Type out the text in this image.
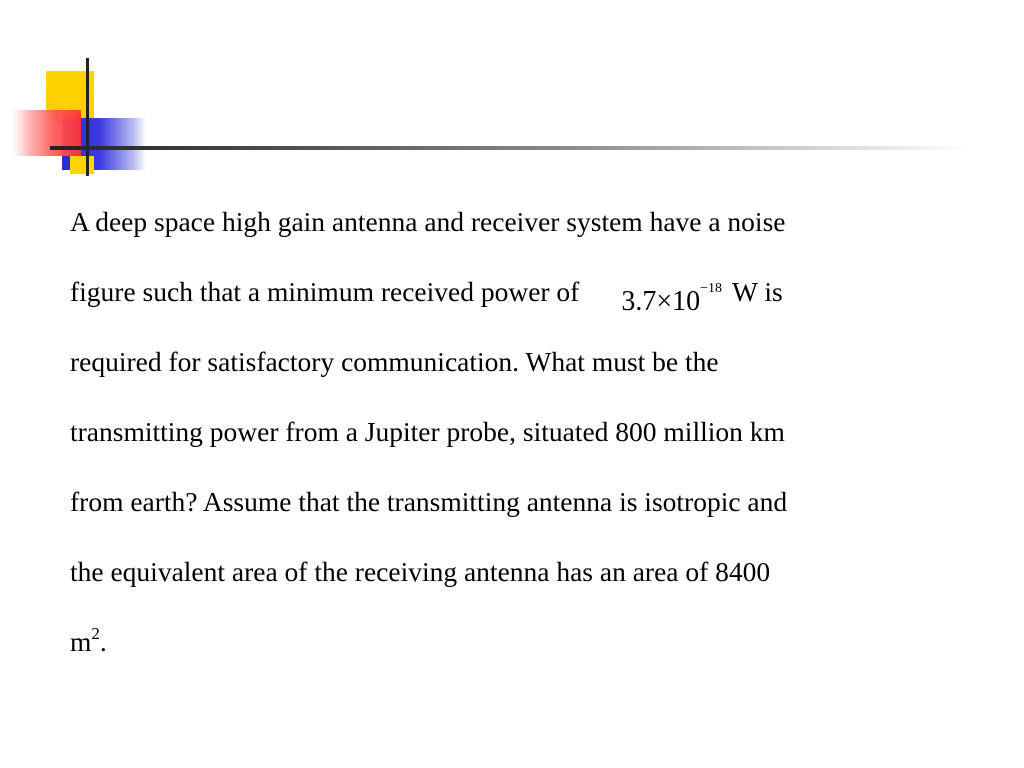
A deep space high gain antenna and receiver system have a noise
figure such that a minimum received power of $3.7\times 10^{-18}$ W is
required for satisfactory communication. What must be the
transmitting power from a Jupiter probe, situated 800 million km
from earth? Assume that the transmitting antenna is isotropic and
the equivalent area of the receiving antenna has an area of 8400
$m^2$.
